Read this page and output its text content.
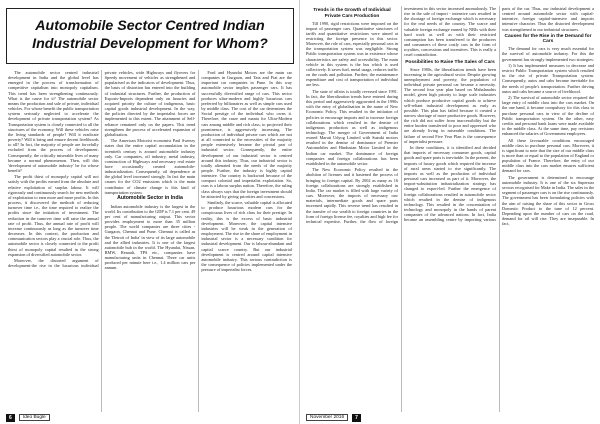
Automobile Sector Centred Indian
Industrial Development for Whom?

The automobile sector centred industrial development in India and the global level has emerged in the process of transformation of competitive capitalism into monopoly capitalism. This trend has been strengthening continuously. What is the cause for it? The automobile sector means the production and sale of private, individual vehicles. For whose benefit the public transportation system seriously neglected to accelerate the development of private transportation system? As Transportation system is closely connected to all the structures of the economy, Will these vehicles raise the living standards of people? Will it eradicate poverty? Will it bring and ensure decent livelihoods to all? In fact, the majority of people are forcefully excluded from the process of development. Consequently, the critically miserable lives of many became a normal phenomenon. Then, will this 'development of automobile industry' be for whose benefit?

The profit thirst of monopoly capital will not satisfy with the profits earned from the absolute and relative exploitation of surplus labour. It will rigorously and continuously search for new methods of exploitation to earn more and more profits. In this process, it discovered the methods of reducing turnover time i.e., the time required to realize the profits since the initiation of investment. The reduction in the turnover time will raise the annual rate of profit. Thus, the annual rate of profit will increase continuously as long as the turnover time decreases. In this context, the production and communication sectors play a crucial role. Thus, the automobile sector is closely connected to the profit thirst of monopoly capital resulted in the strong expansion of diversified automobile sector.

Moreover, the distorted argument of development-the rise in the luxurious individual private vehicles, wide Highways and flyovers for Speedy movement of vehicles as strengthened and popularised as the indicators of development. Thus, the basis of distortion has entered into the building of industrial structures. Further, the production of Exports-Imports dependent only on luxuries and acquired priority the culture of indigenous, basic capital goods industrial development. In the way, the policies directed by the imperialist forces are implemented to this extent. The attainment of Self-reliance remained only on the papers. This trend strengthens the process of accelerated expansion of globalisation.

The American Motorist economist Paul Sweezy states that the entire capital accumulation in the twentieth century is around automobile industry only. Car companies, oil industry, metal industry, construction of Highways and necessary real estate have occasionally created automobile-industrialization. Consequently, oil dependence at the global level increased strongly. In fact the main causes for the CO2 emissions which is the main contributor of climate change is this kind of transportation system.

Automobile Sector in India

Indian automobile industry is the largest in the world. Its contribution to the GDP is 7.1 per cent. 49 per cent of manufacturing output. This sector provides employment to more than 35 million people. The world companies are three cities - Gurgaon, Chennai and Pune. Chennai is called as the 'Detroit of India' in view of its large automobile and the allied industries. It is one of the largest automobile hub in the world. The Hyundai, Nissan, BMW, Renault, TPS etc., companies have manufacturing units in Chennai. Three car units produced per minute here i.e., 1.4 million cars per annum.

Ford and Hyundai Motors are the main car companies in Gurgaon, and Tata and Fiat are the important car companies in Pune. In this way automobile sector implies passenger cars. It has successfully diversified range of cars. This sector produces ultra-modern and highly luxurious cars preferred by billionaires as well as simple cars used by middle class. The cost of the car determines the Social prestige of the individual who owns it. Therefore, the craze and mania for Ultra-Modern cars among middle and rich class, to projected their prominence, is aggressively increasing. The production of individual private cars which are not at all connected to the necessities of the majority people extensively became the pivotal part of industrial sector. Consequently, the entire development of our industrial sector is centred around this industry. Thus, our industrial sector is totally alienated from the needs of the majority people. Further, the industry is highly capital intensive. Our country is backward because of the compact colonial and imperialist exploitation. So, ours is a labour surplus nation. Therefore, the ruling class always says that the foreign investment should be attracted by giving priorities and concessions.

Similarly, the scarce, valuable capital is allocated to produce luxurious modern cars for the conspicuous lives of rich class for their prestige. In reality, this is the excess of basic industrial development. Moreover, the capital intensive industries will be weak in the generation of employment. The rise in the share of employment in industrial sector is a necessary condition for industrial development. Our is labour-abundant and capital scarce country. But our industrial development is centred around capital intensive automobile industry. This serious contradiction is the consequence of policies implemented under the pressure of imperialist forces.

6	Ideo Bugle
Trends in the Growth of Individual Private Cars Production

Till 1990, rigid restrictions were imposed on the import of passenger cars. Quantitative structures of tariffs and quantitative restrictions were aimed at restricting the foreign presence in this sector. Moreover, the role of cars, especially personal cars in the transportation system was negligible. Strong Public transportation system was in existence whose characteristics are safety and accessibility. The main vehicle in this system is the bus which is used collectively. It saves fuel, metal usage, reduces traffic on the roads and pollution. Further, the maintenance expenditure and cost of transportation of individual are less.

The state of affairs is totally reversed since 1991. In fact, the liberalization trends have entered during this period and aggressively aggravated in the 1990s with the entry of globalisation in the name of New Economic Policy. This resulted in the initiation of policies to encourage imports and to increase foreign collaborations which resulted in the demise of indigenous production as well as indigenous technology. The merger of Government of India owned Maruti Udyog Limited with Suzuki motors resulted in the demise of dominance of Premier Automobiles and Hindustan Motor Limited in the Indian car market. The dominance of foreign companies and foreign collaborations has been established in the automobile sector.

The New Economic Policy resulted in the abolition of licenses and it hastened the process of bringing in foreign capital. By 2002 as many as 16 foreign collaborations are strongly established in India. The car market is filled with large variety of cars. Moreover, the imports of necessary raw materials, intermediate goods and spare parts increased rapidly. This reverse trend has resulted in the transfer of our wealth to foreign countries in the form of foreign license fee, royalties and high fee for technical expertise. Further, the flow of foreign investment in this sector increased anomalously. The rise in the sale of import - intensive cars resulted in the shortage of foreign exchange which is necessary for the real needs of the country. The scarce and valuable foreign exchange earned by NRIs with their hard work as well as with their restricted consumption has been transferred to the producers and consumers of these costly cars in the form of royalties, concessions and incentives. This is really a cruel contradiction.

Possibilities to Raise The Sales of Cars

Since 1980s, the liberalisation trends have been increasing in the agricultural sector. Despite growing unemployment and poverty, the population of individual private personal car became a necessity. The second four year plan based on Mahalanobis model, given high priority to large scale industries which produce productive capital goods to achieve self-reliant industrial development as early as possible. This plan has failed because it created a narrow shortage of more productive goods. However, the rich did not suffer from inaccessibility but the entire burden transferred to poor and oppressed who are already living in miserable conditions. The failure of second Five Year Plan is the consequence of imperialist pressure.

In these conditions, it is identified and decided that imports of necessary consumer goods, capital goods and spare parts is inevitable. In the present, the imports of luxury goods which required the increase of rural areas started to rise significantly. The imports as well as the production of individual personal cars increased as part of it. Moreover, the import-substitution industrialization strategy has changed to export-led. Further the emergence of foreign collaborations resulted in automobile sector which resulted in the demise of indigenous technology. This resulted in the concentration of technology and monopoly in the hands of parent companies of the advanced nations. In fact, India became an assembling centre by importing various parts of the car. Thus, our industrial development a centred around automobile sector with capital-intensive, foreign capital-intensive and imports intensive character. Thus the distorted development was strengthened in our industrial structures.

Causes for the Rise in the Demand for Cars

The demand for cars is very much essential for the survival of automobile industry. For this the government has strongly implemented two strategies:

1) It has implemented measures to decrease and restrict Public Transportation system which resulted in the rise of private Transportation system. Consequently, autos and cabs became inevitable for the needs of people's transportation. Further driving autos and cabs became a source of livelihood.

2) The survival of automobile sector required the large entry of middle class into the cars market. On the one hand, it became compulsory for this class to purchase personal cars in view of the decline of Public transportation system. On the other, easy credits and personal bank loans were made available to the middle class. At the same time, pay revisions enhanced the salaries of Government employees.

All these favourable conditions encouraged middle class to purchase personal cars. Moreover, it is significant to note that the size of our middle class is more than or equal to the population of England or population of France. Therefore, the entry of our middle class into the cars market ensures sufficient demand for cars.

The government is determined to encourage automobile industry. It is one of the six Superstar sectors recognised for Make in India. The sales in the segment of passenger cars is on the rise continuously. The government has been formulating policies with the aim of raising the share of this sector in Gross Domestic Product to the tune of 12 percent. Depending upon the number of cars on the road, demand for oil will rise. They are inseparable. In fact,

November 2016	7
